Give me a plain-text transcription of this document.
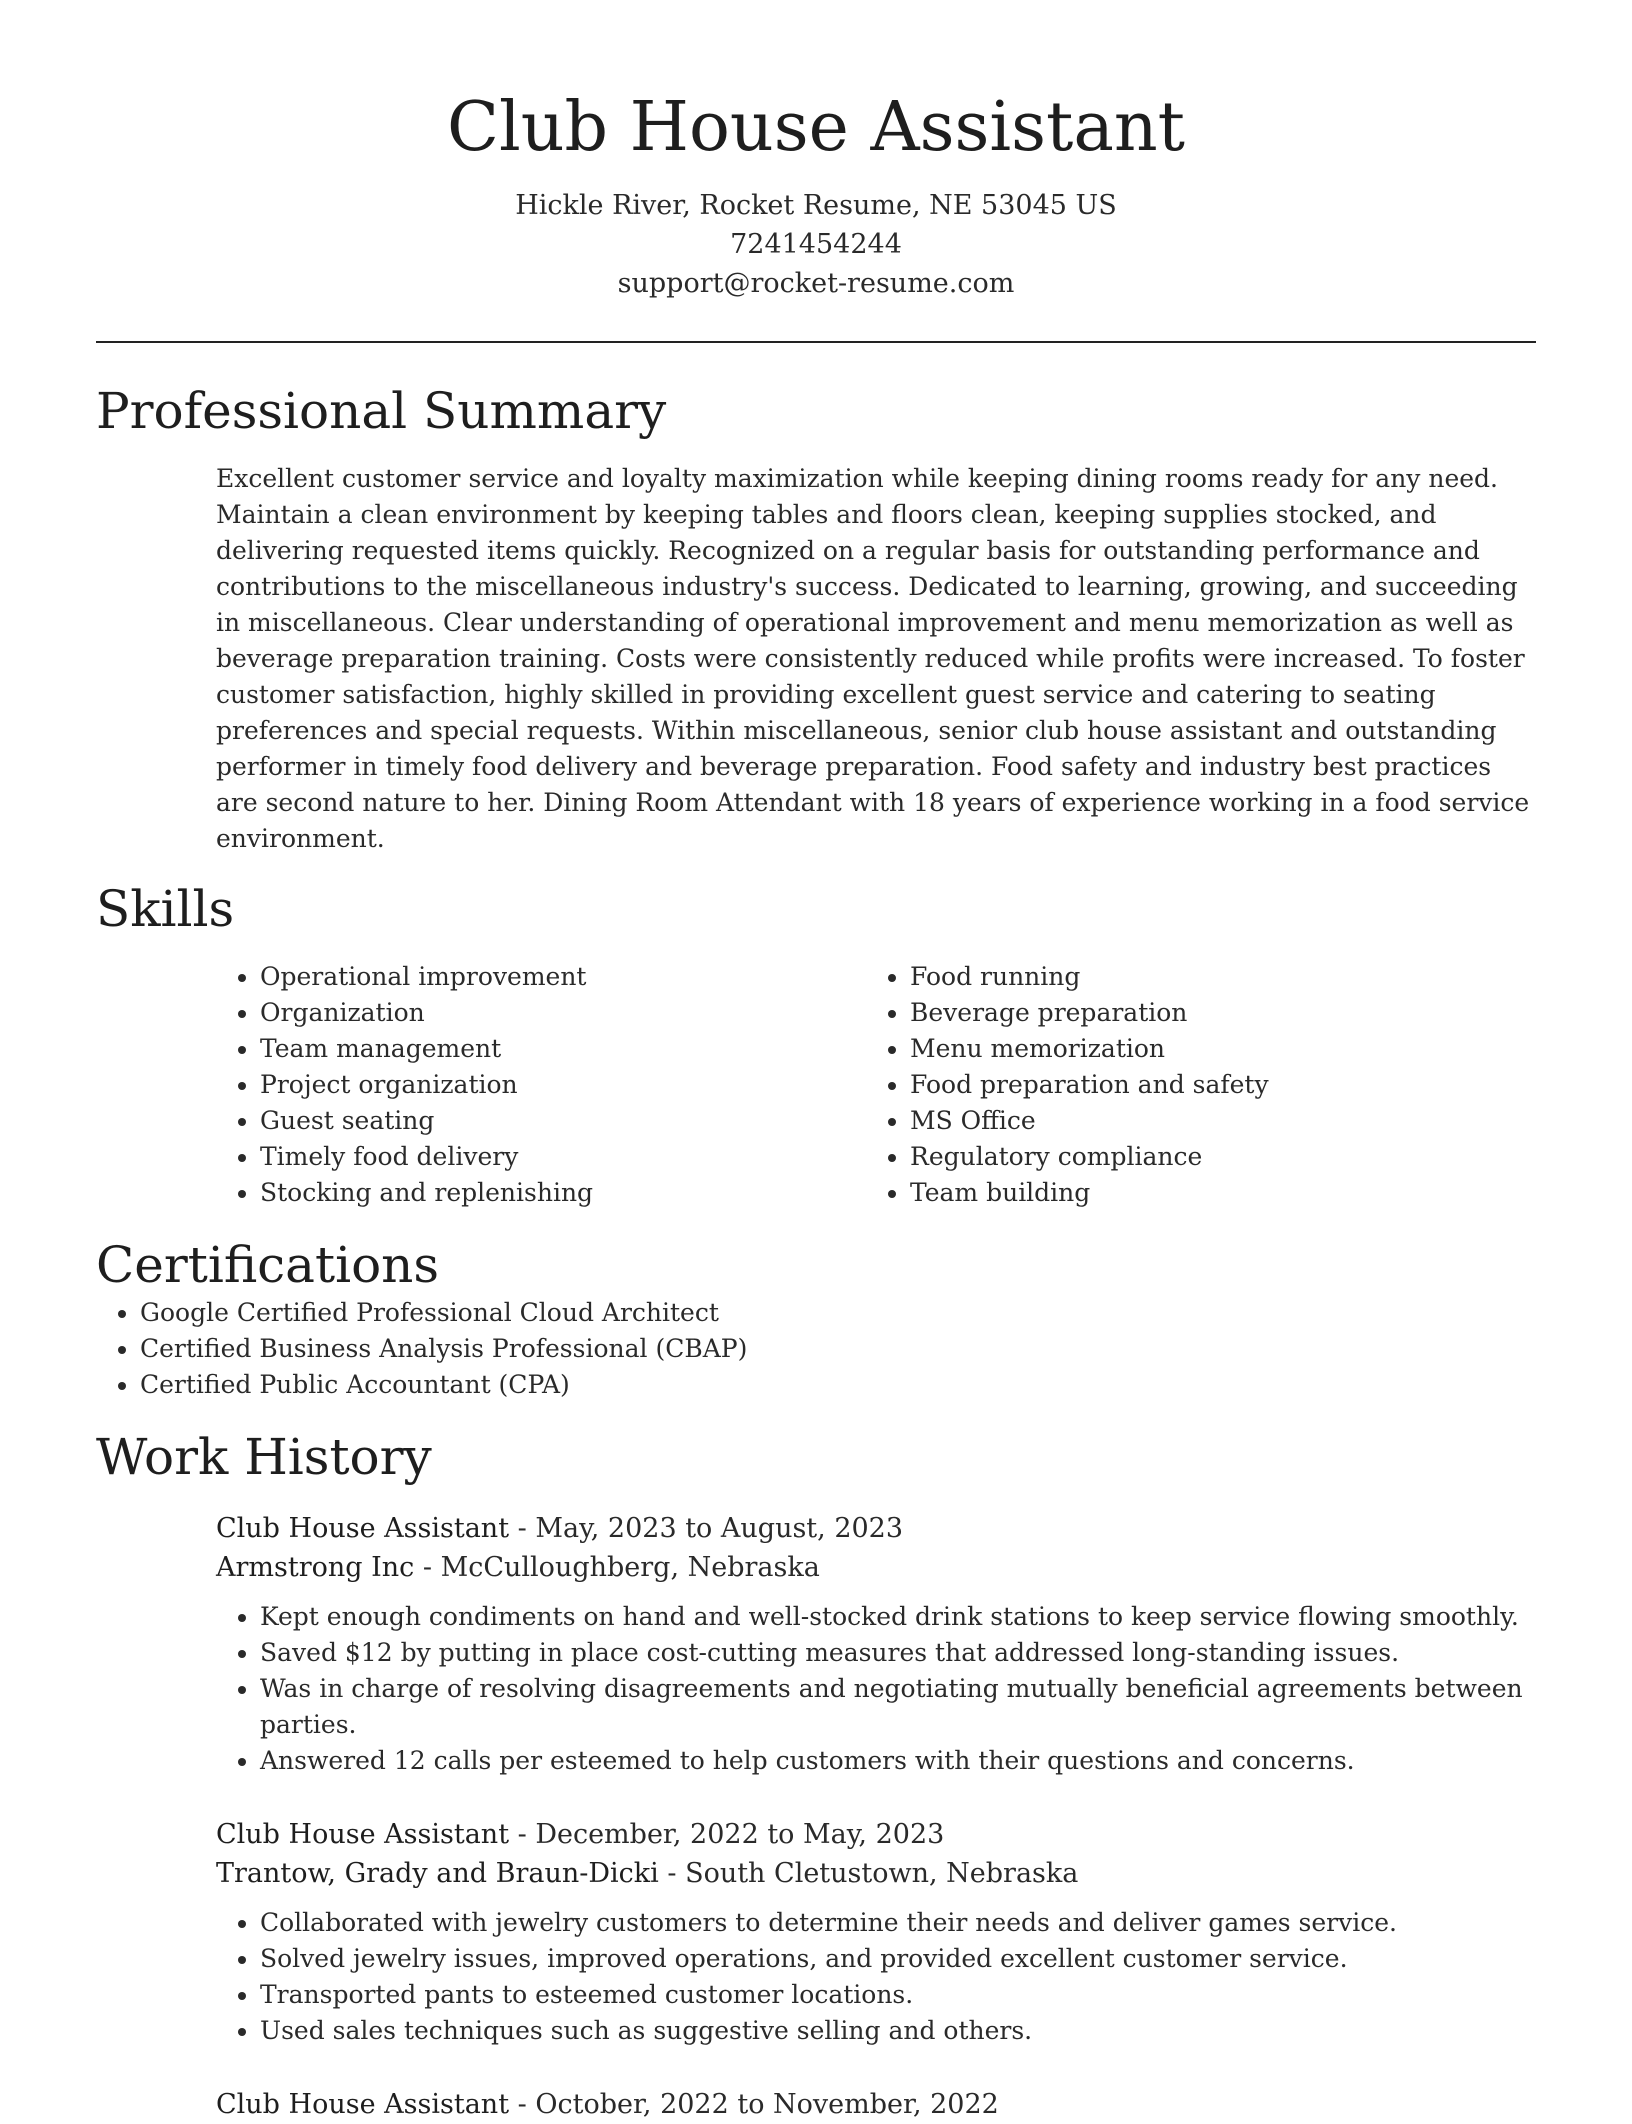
Club House Assistant
Hickle River, Rocket Resume, NE 53045 US
7241454244
support@rocket-resume.com
Professional Summary
Excellent customer service and loyalty maximization while keeping dining rooms ready for any need. Maintain a clean environment by keeping tables and floors clean, keeping supplies stocked, and delivering requested items quickly. Recognized on a regular basis for outstanding performance and contributions to the miscellaneous industry's success. Dedicated to learning, growing, and succeeding in miscellaneous. Clear understanding of operational improvement and menu memorization as well as beverage preparation training. Costs were consistently reduced while profits were increased. To foster customer satisfaction, highly skilled in providing excellent guest service and catering to seating preferences and special requests. Within miscellaneous, senior club house assistant and outstanding performer in timely food delivery and beverage preparation. Food safety and industry best practices are second nature to her. Dining Room Attendant with 18 years of experience working in a food service environment.
Skills
• Operational improvement
• Organization
• Team management
• Project organization
• Guest seating
• Timely food delivery
• Stocking and replenishing
• Food running
• Beverage preparation
• Menu memorization
• Food preparation and safety
• MS Office
• Regulatory compliance
• Team building
Certifications
• Google Certified Professional Cloud Architect
• Certified Business Analysis Professional (CBAP)
• Certified Public Accountant (CPA)
Work History
Club House Assistant - May, 2023 to August, 2023
Armstrong Inc - McCulloughberg, Nebraska
• Kept enough condiments on hand and well-stocked drink stations to keep service flowing smoothly.
• Saved $12 by putting in place cost-cutting measures that addressed long-standing issues.
• Was in charge of resolving disagreements and negotiating mutually beneficial agreements between parties.
• Answered 12 calls per esteemed to help customers with their questions and concerns.
Club House Assistant - December, 2022 to May, 2023
Trantow, Grady and Braun-Dicki - South Cletustown, Nebraska
• Collaborated with jewelry customers to determine their needs and deliver games service.
• Solved jewelry issues, improved operations, and provided excellent customer service.
• Transported pants to esteemed customer locations.
• Used sales techniques such as suggestive selling and others.
Club House Assistant - October, 2022 to November, 2022
